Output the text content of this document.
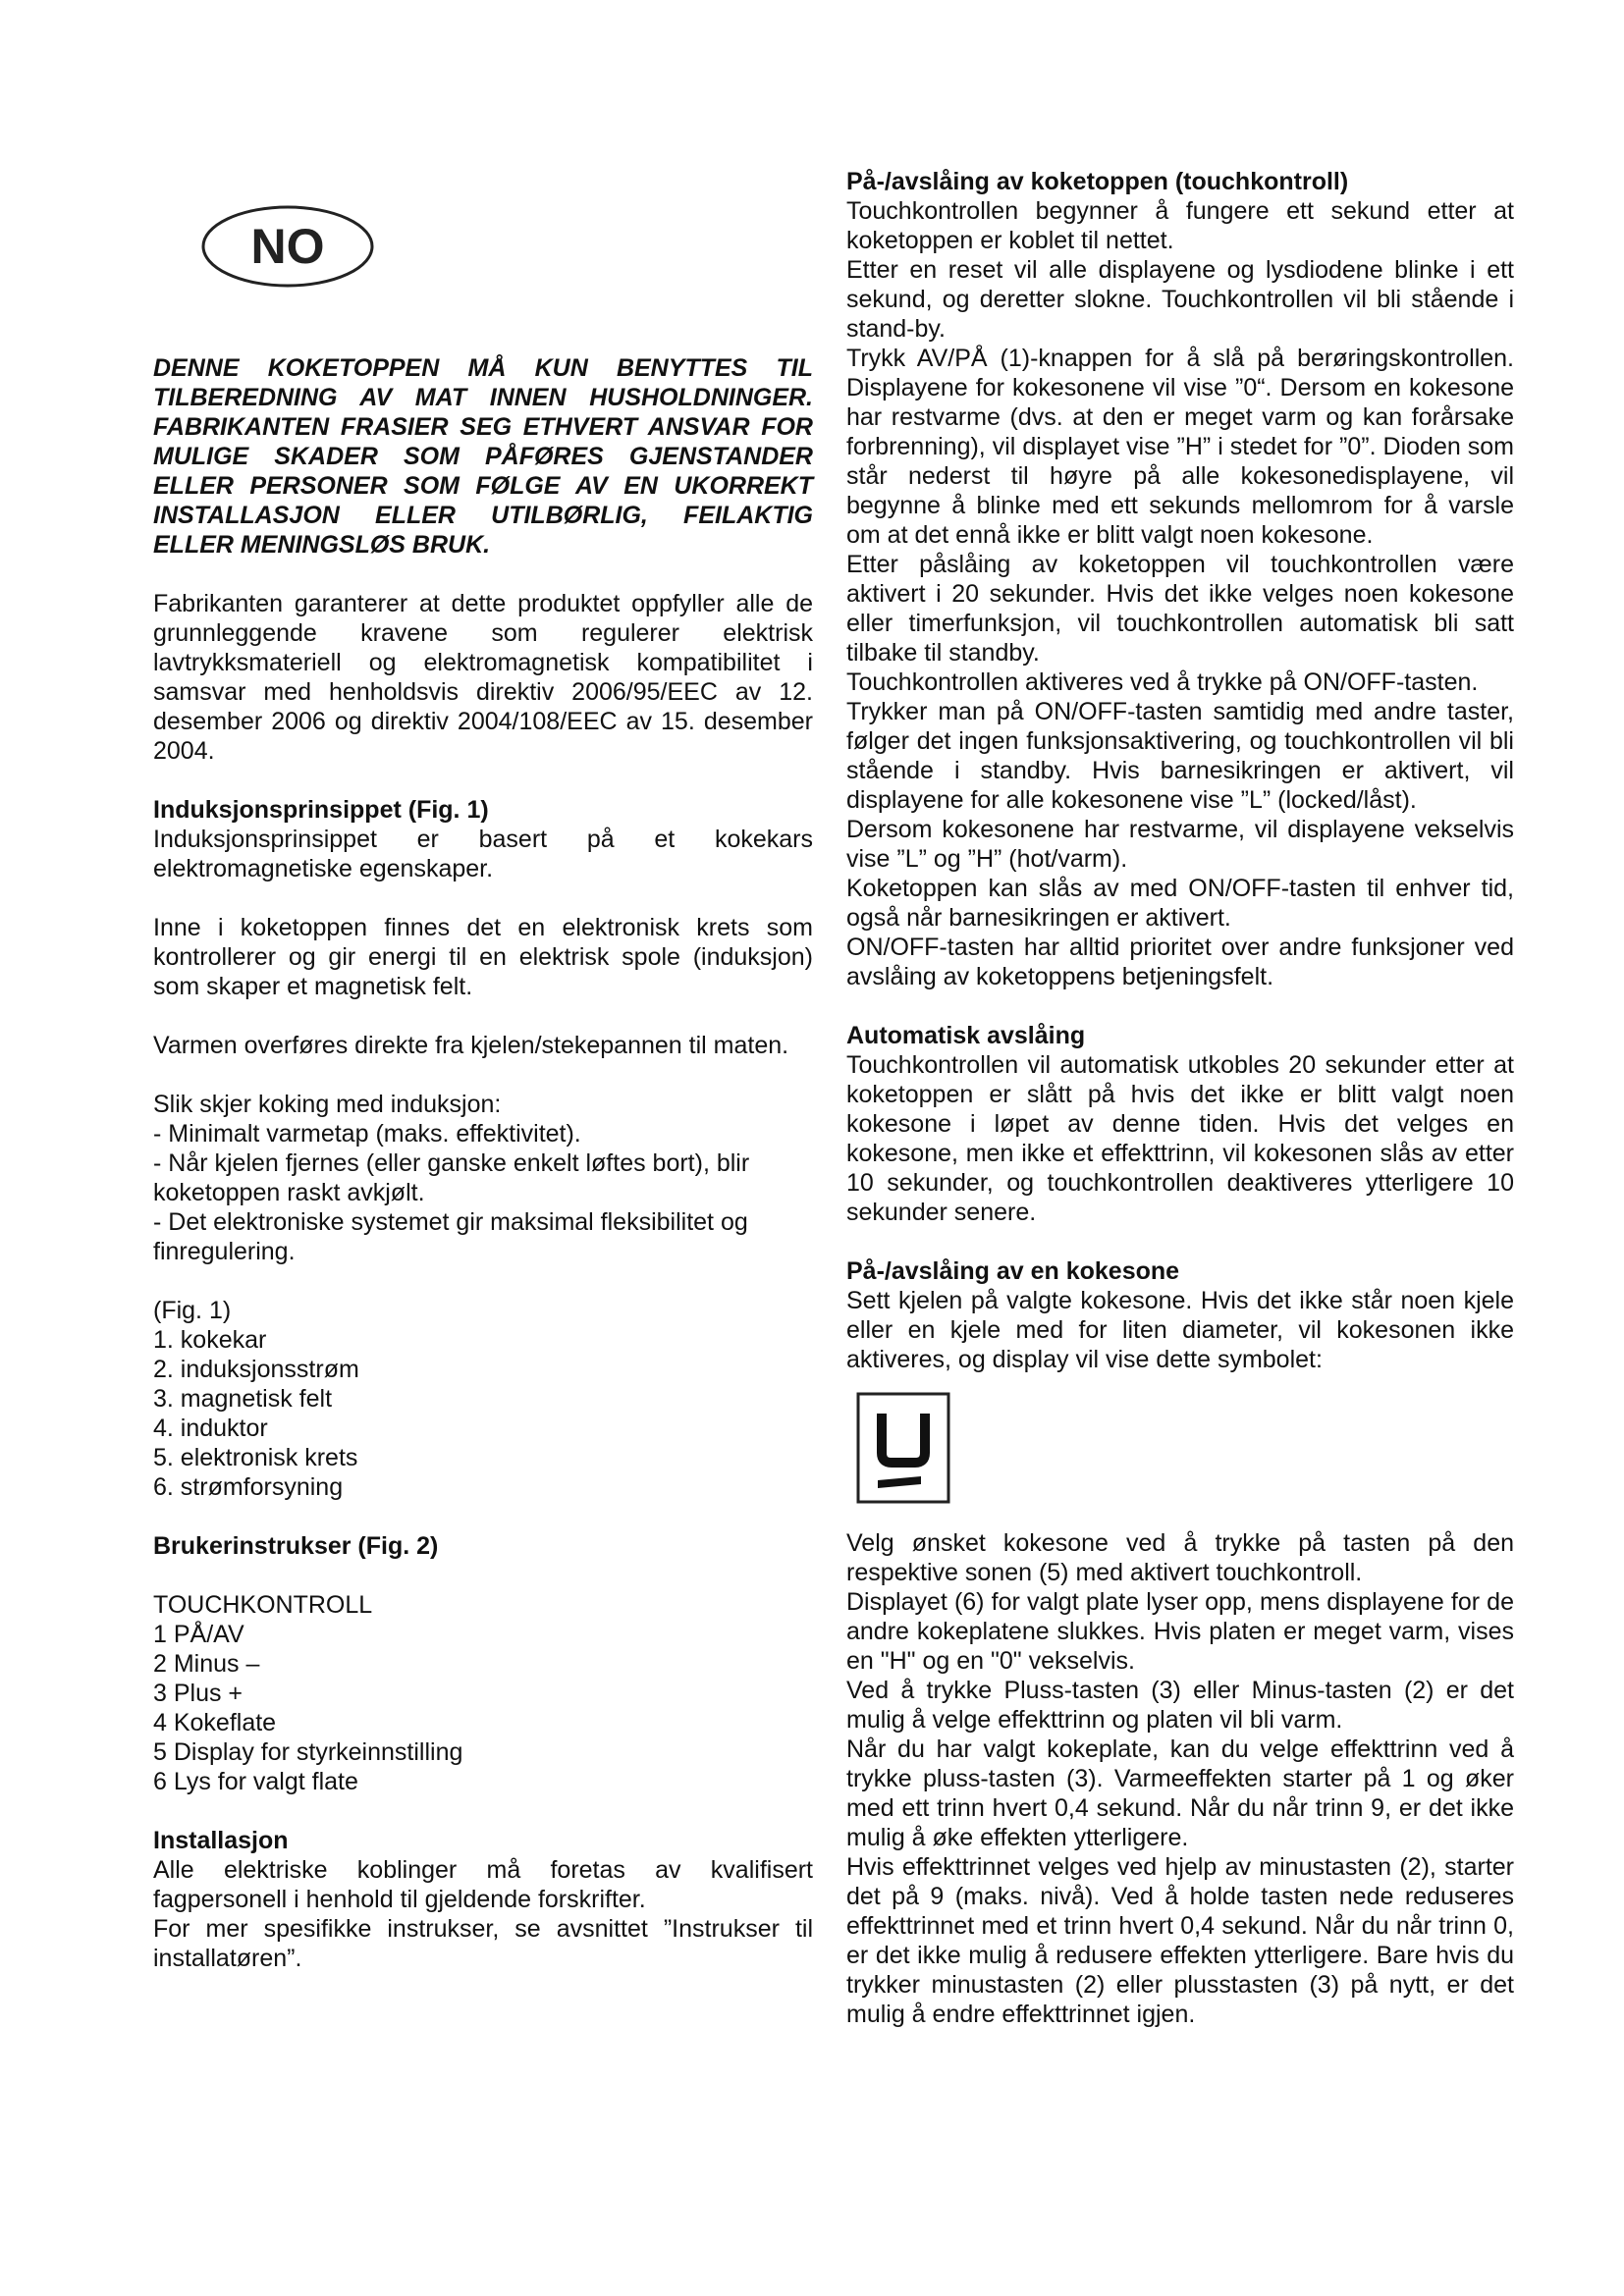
NO

DENNE KOKETOPPEN MÅ KUN BENYTTES TIL TILBEREDNING AV MAT INNEN HUSHOLDNINGER. FABRIKANTEN FRASIER SEG ETHVERT ANSVAR FOR MULIGE SKADER SOM PÅFØRES GJENSTANDER ELLER PERSONER SOM FØLGE AV EN UKORREKT INSTALLASJON ELLER UTILBØRLIG, FEILAKTIG ELLER MENINGSLØS BRUK.

Fabrikanten garanterer at dette produktet oppfyller alle de grunnleggende kravene som regulerer elektrisk lavtrykksmateriell og elektromagnetisk kompatibilitet i samsvar med henholdsvis direktiv 2006/95/EEC av 12. desember 2006 og direktiv 2004/108/EEC av 15. desember 2004.

Induksjonsprinsippet (Fig. 1)

Induksjonsprinsippet er basert på et kokekars elektromagnetiske egenskaper.

Inne i koketoppen finnes det en elektronisk krets som kontrollerer og gir energi til en elektrisk spole (induksjon) som skaper et magnetisk felt.

Varmen overføres direkte fra kjelen/stekepannen til maten.

Slik skjer koking med induksjon:

- Minimalt varmetap (maks. effektivitet).
- Når kjelen fjernes (eller ganske enkelt løftes bort), blir koketoppen raskt avkjølt.
- Det elektroniske systemet gir maksimal fleksibilitet og finregulering.

(Fig. 1)

1. kokekar
2. induksjonsstrøm
3. magnetisk felt
4. induktor
5. elektronisk krets
6. strømforsyning
Brukerinstrukser (Fig. 2)

TOUCHKONTROLL

1 PÅ/AV
2 Minus –
3 Plus +
4 Kokeflate
5 Display for styrkeinnstilling
6 Lys for valgt flate
Installasjon

Alle elektriske koblinger må foretas av kvalifisert fagpersonell i henhold til gjeldende forskrifter.

For mer spesifikke instrukser, se avsnittet ”Instrukser til installatøren”.

På-/avslåing av koketoppen (touchkontroll)

Touchkontrollen begynner å fungere ett sekund etter at koketoppen er koblet til nettet.

Etter en reset vil alle displayene og lysdiodene blinke i ett sekund, og deretter slokne. Touchkontrollen vil bli stående i stand-by.

Trykk AV/PÅ (1)-knappen for å slå på berøringskontrollen. Displayene for kokesonene vil vise ”0“. Dersom en kokesone har restvarme (dvs. at den er meget varm og kan forårsake forbrenning), vil displayet vise ”H” i stedet for ”0”. Dioden som står nederst til høyre på alle kokesonedisplayene, vil begynne å blinke med ett sekunds mellomrom for å varsle om at det ennå ikke er blitt valgt noen kokesone.

Etter påslåing av koketoppen vil touchkontrollen være aktivert i 20 sekunder. Hvis det ikke velges noen kokesone eller timerfunksjon, vil touchkontrollen automatisk bli satt tilbake til standby.

Touchkontrollen aktiveres ved å trykke på ON/OFF-tasten.

Trykker man på ON/OFF-tasten samtidig med andre taster, følger det ingen funksjonsaktivering, og touchkontrollen vil bli stående i standby. Hvis barnesikringen er aktivert, vil displayene for alle kokesonene vise ”L” (locked/låst).

Dersom kokesonene har restvarme, vil displayene vekselvis vise ”L” og ”H” (hot/varm).

Koketoppen kan slås av med ON/OFF-tasten til enhver tid, også når barnesikringen er aktivert.

ON/OFF-tasten har alltid prioritet over andre funksjoner ved avslåing av koketoppens betjeningsfelt.

Automatisk avslåing

Touchkontrollen vil automatisk utkobles 20 sekunder etter at koketoppen er slått på hvis det ikke er blitt valgt noen kokesone i løpet av denne tiden. Hvis det velges en kokesone, men ikke et effekttrinn, vil kokesonen slås av etter 10 sekunder, og touchkontrollen deaktiveres ytterligere 10 sekunder senere.

På-/avslåing av en kokesone

Sett kjelen på valgte kokesone. Hvis det ikke står noen kjele eller en kjele med for liten diameter, vil kokesonen ikke aktiveres, og display vil vise dette symbolet:

Velg ønsket kokesone ved å trykke på tasten på den respektive sonen (5) med aktivert touchkontroll.

Displayet (6) for valgt plate lyser opp, mens displayene for de andre kokeplatene slukkes. Hvis platen er meget varm, vises en "H" og en "0" vekselvis.

Ved å trykke Pluss-tasten (3) eller Minus-tasten (2) er det mulig å velge effekttrinn og platen vil bli varm.

Når du har valgt kokeplate, kan du velge effekttrinn ved å trykke pluss-tasten (3). Varmeeffekten starter på 1 og øker med ett trinn hvert 0,4 sekund. Når du når trinn 9, er det ikke mulig å øke effekten ytterligere.

Hvis effekttrinnet velges ved hjelp av minustasten (2), starter det på 9 (maks. nivå). Ved å holde tasten nede reduseres effekttrinnet med et trinn hvert 0,4 sekund. Når du når trinn 0, er det ikke mulig å redusere effekten ytterligere. Bare hvis du trykker minustasten (2) eller plusstasten (3) på nytt, er det mulig å endre effekttrinnet igjen.
